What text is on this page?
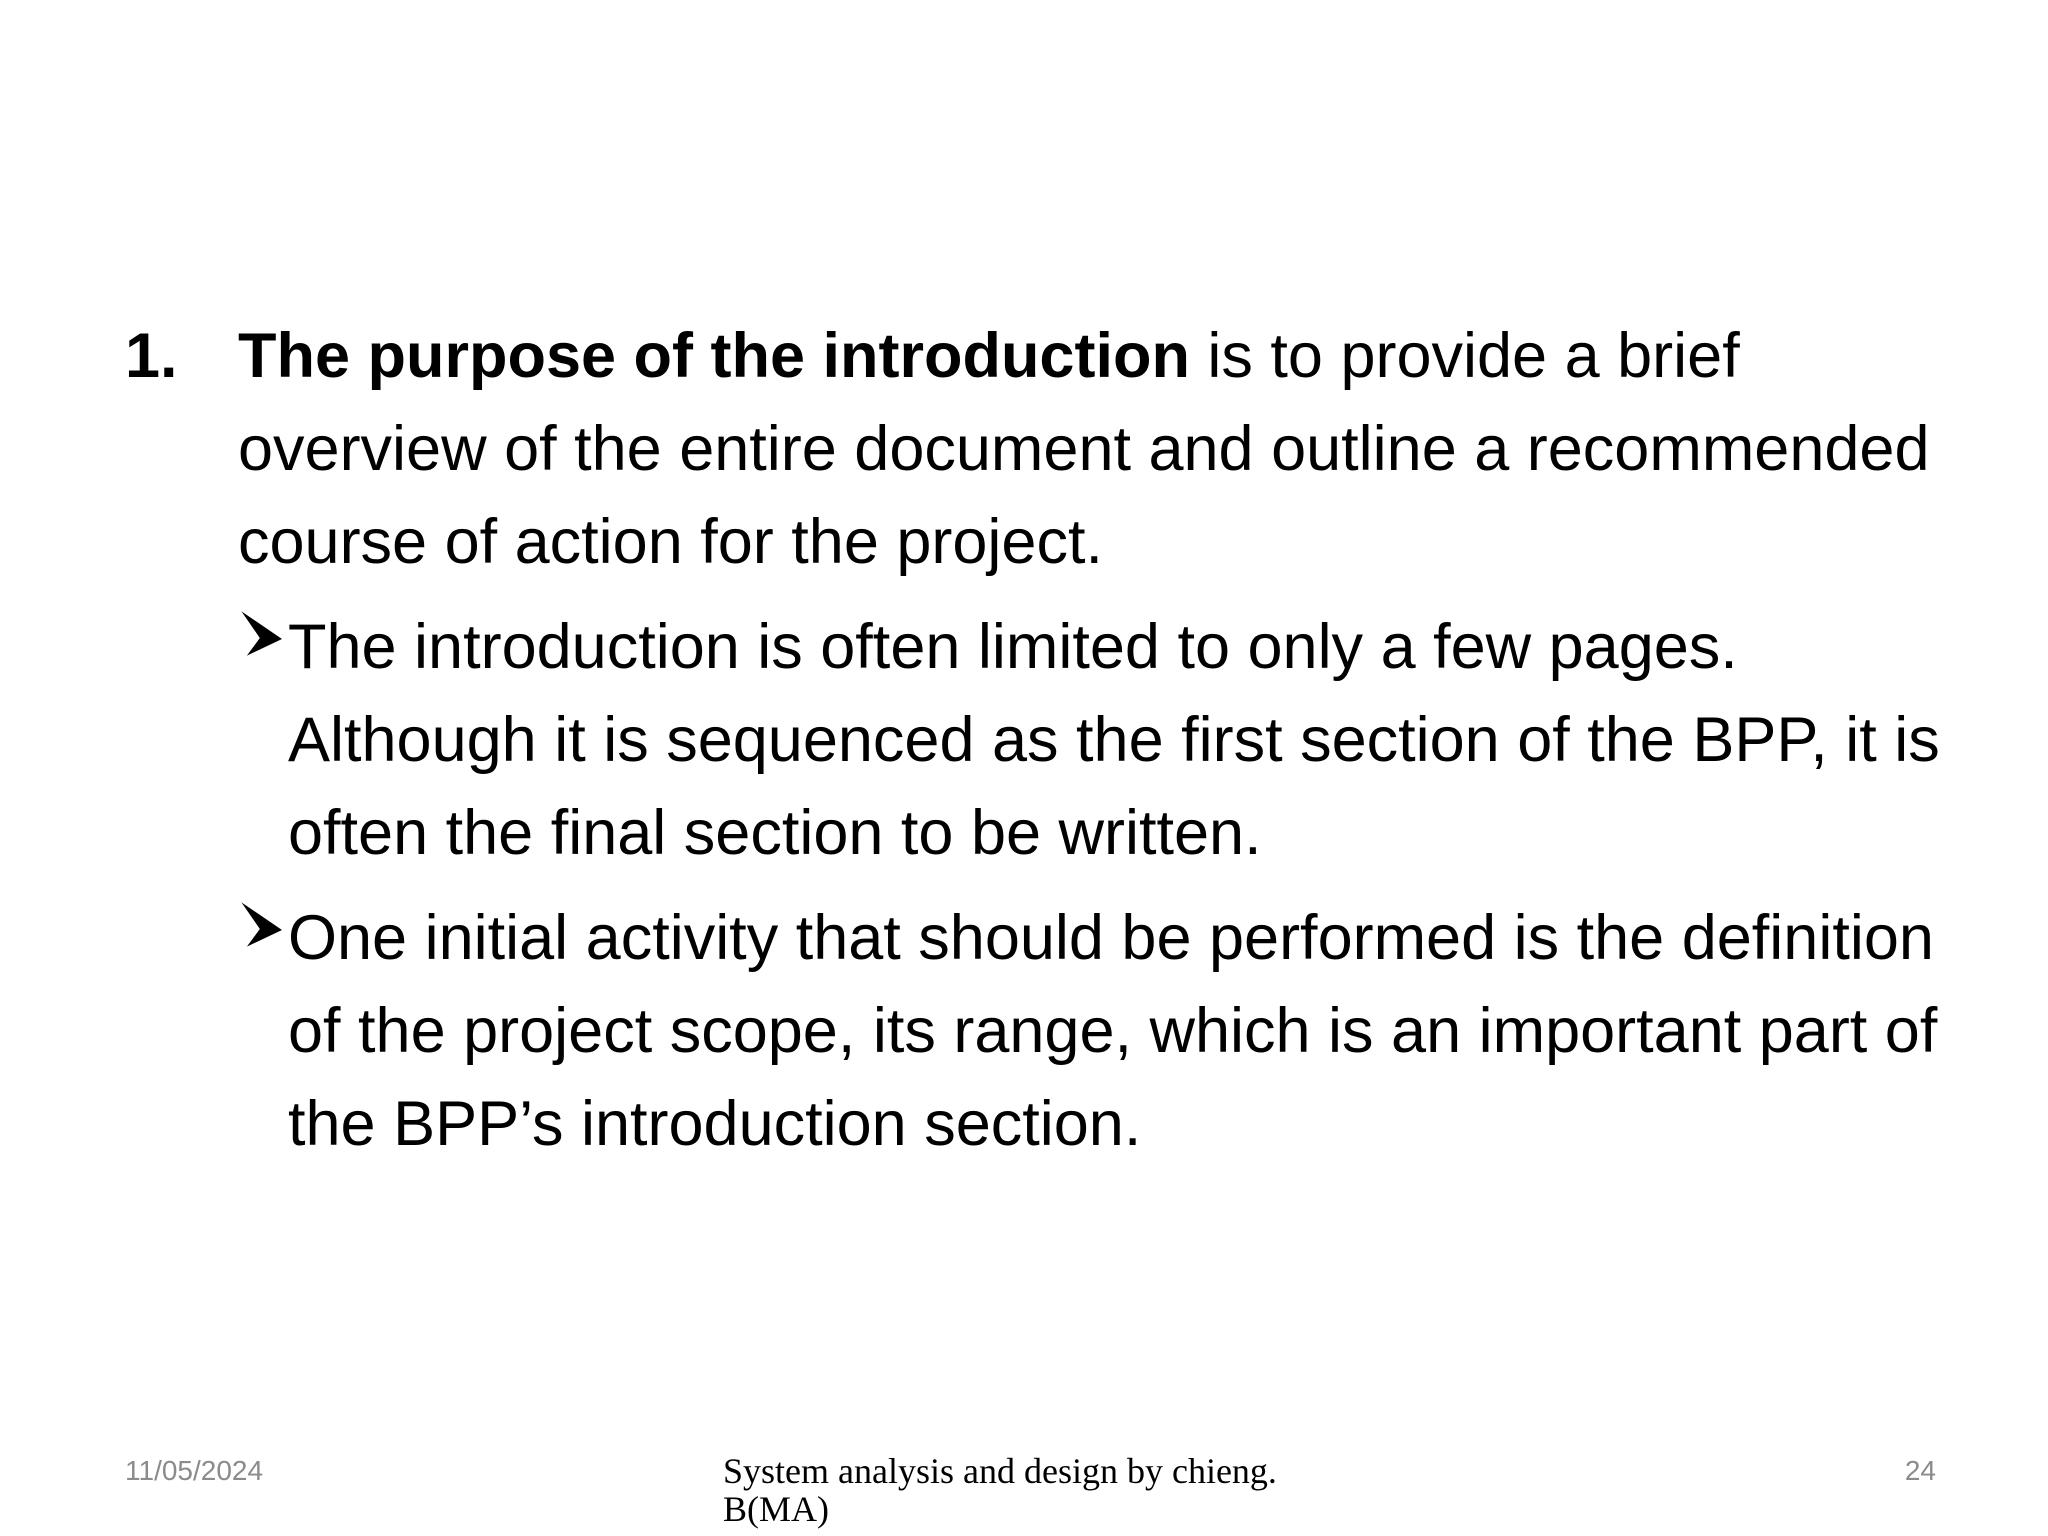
1. The purpose of the introduction is to provide a brief overview of the entire document and outline a recommended course of action for the project.
The introduction is often limited to only a few pages. Although it is sequenced as the first section of the BPP, it is often the final section to be written.
One initial activity that should be performed is the definition of the project scope, its range, which is an important part of the BPP’s introduction section.
11/05/2024	System analysis and design by chieng. B(MA)
24
